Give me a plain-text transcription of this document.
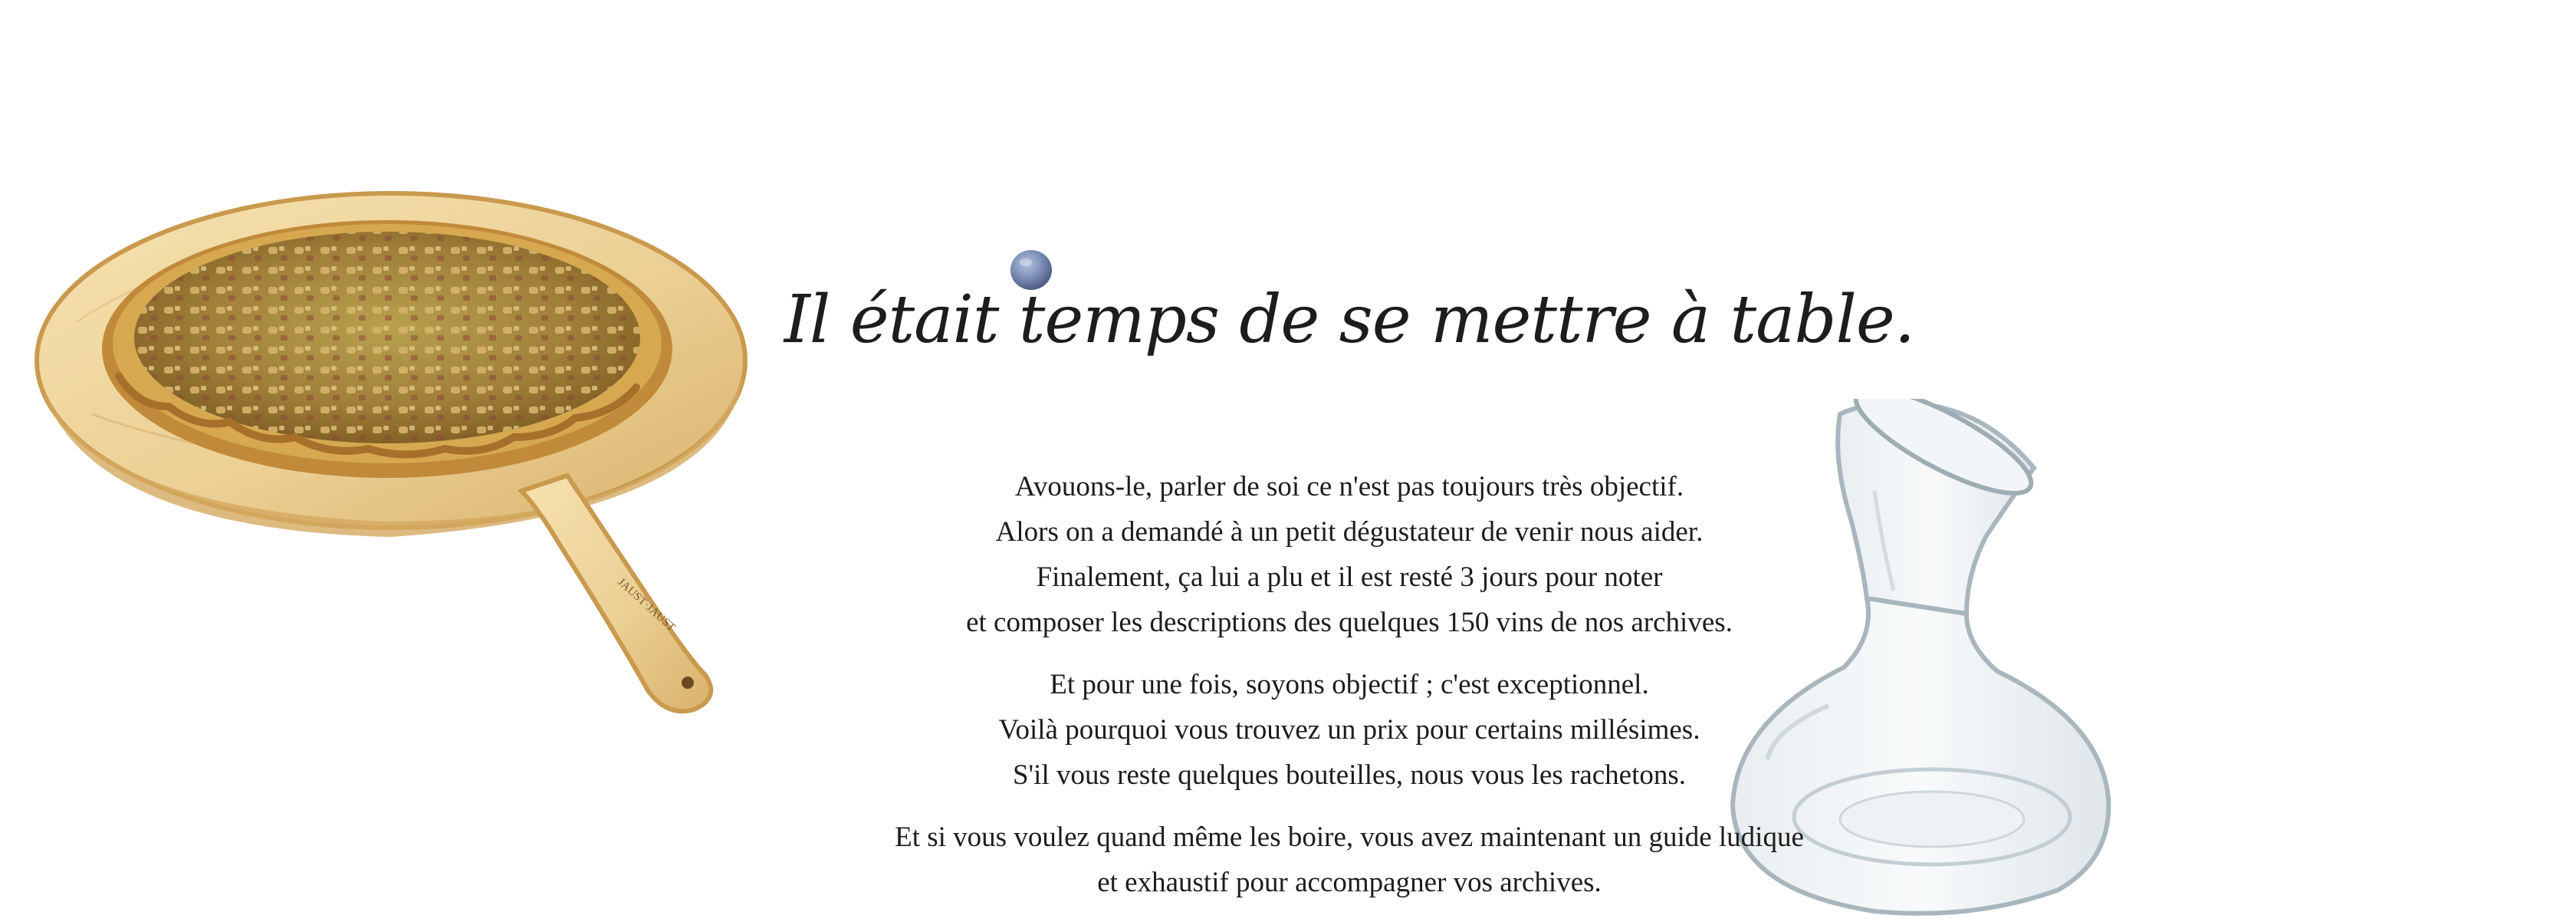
JAUST·JAUST
Il était temps de se mettre à table.

Avouons-le, parler de soi ce n'est pas toujours très objectif.
Alors on a demandé à un petit dégustateur de venir nous aider.
Finalement, ça lui a plu et il est resté 3 jours pour noter
et composer les descriptions des quelques 150 vins de nos archives.

Et pour une fois, soyons objectif ; c'est exceptionnel.
Voilà pourquoi vous trouvez un prix pour certains millésimes.
S'il vous reste quelques bouteilles, nous vous les rachetons.

Et si vous voulez quand même les boire, vous avez maintenant un guide ludique
et exhaustif pour accompagner vos archives.
